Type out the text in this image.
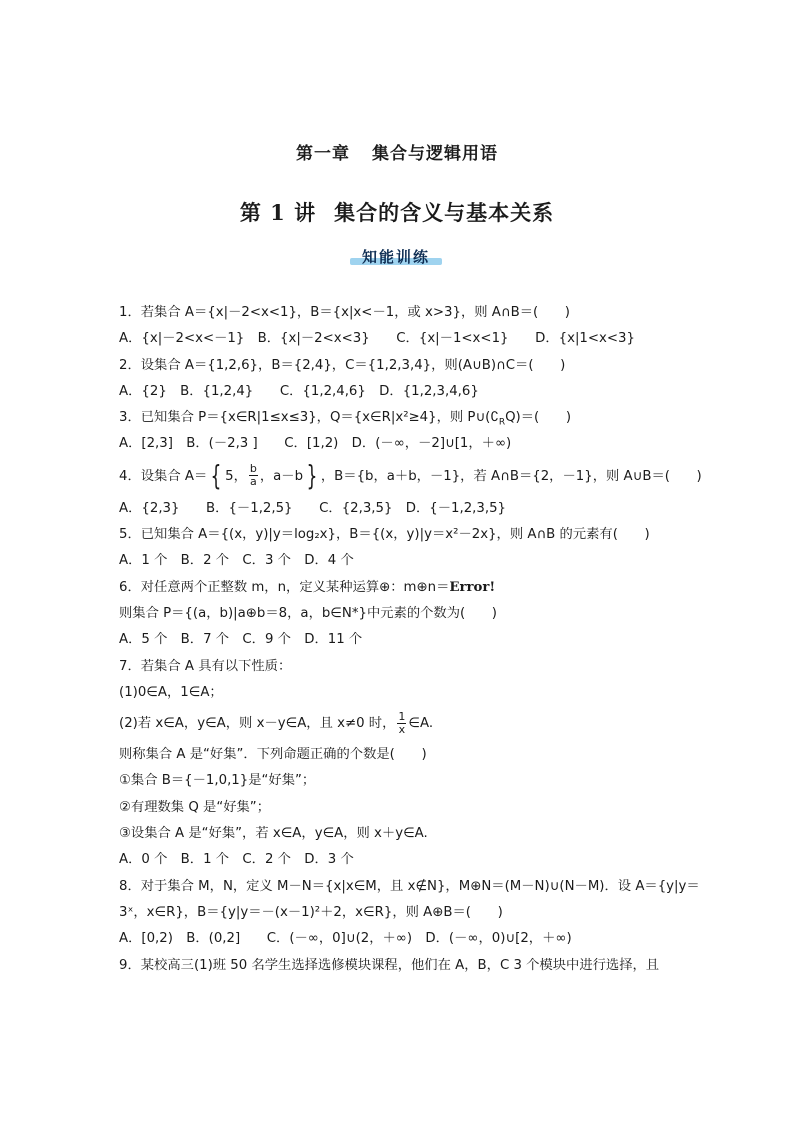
第一章 集合与逻辑用语
第 1 讲 集合的含义与基本关系
知能训练
1．若集合 A＝{x|－2<x<1}，B＝{x|x<－1，或 x>3}，则 A∩B＝(　　)
A．{x|－2<x<－1}　B．{x|－2<x<3}　　C．{x|－1<x<1}　　D．{x|1<x<3}
2．设集合 A＝{1,2,6}，B＝{2,4}，C＝{1,2,3,4}，则(A∪B)∩C＝(　　)
A．{2}　B．{1,2,4}　　C．{1,2,4,6}　D．{1,2,3,4,6}
3．已知集合 P＝{x∈R|1≤x≤3}，Q＝{x∈R|x²≥4}，则 $P\cup(∁_RQ)=$(　　)
A．[2,3]　B．(－2,3 ]　　C．[1,2)　D．(－∞，－2]∪[1，＋∞)
4．设集合 A＝ { 5， $\frac{b}{a}$ ，a－b } ，B＝{b，a＋b，－1}，若 A∩B＝{2，－1}，则 A∪B＝(　　)
A．{2,3}　　B．{－1,2,5}　　C．{2,3,5}　D．{－1,2,3,5}
5．已知集合 A＝{(x，y)|y＝log₂x}，B＝{(x，y)|y＝x²－2x}，则 A∩B 的元素有(　　)
A．1 个　B．2 个　C．3 个　D．4 个
6．对任意两个正整数 m，n，定义某种运算⊕：m⊕n＝Error!
则集合 P＝{(a，b)|a⊕b＝8，a，b∈N*}中元素的个数为(　　)
A．5 个　B．7 个　C．9 个　D．11 个
7．若集合 A 具有以下性质：
(1)0∈A，1∈A；
(2)若 x∈A，y∈A，则 x－y∈A，且 x≠0 时， $\frac{1}{x}$ ∈A.
则称集合 A 是“好集”．下列命题正确的个数是(　　)
①集合 B＝{－1,0,1}是“好集”；
②有理数集 Q 是“好集”；
③设集合 A 是“好集”，若 x∈A，y∈A，则 x＋y∈A.
A．0 个　B．1 个　C．2 个　D．3 个
8．对于集合 M，N，定义 M－N＝{x|x∈M，且 x∉N}，M⊕N＝(M－N)∪(N－M)．设 A＝{y|y＝
3ˣ，x∈R}，B＝{y|y＝－(x－1)²＋2，x∈R}，则 A⊕B＝(　　)
A．[0,2)　B．(0,2]　　C．(－∞，0]∪(2，＋∞)　D．(－∞，0)∪[2，＋∞)
9．某校高三(1)班 50 名学生选择选修模块课程，他们在 A，B，C 3 个模块中进行选择，且
